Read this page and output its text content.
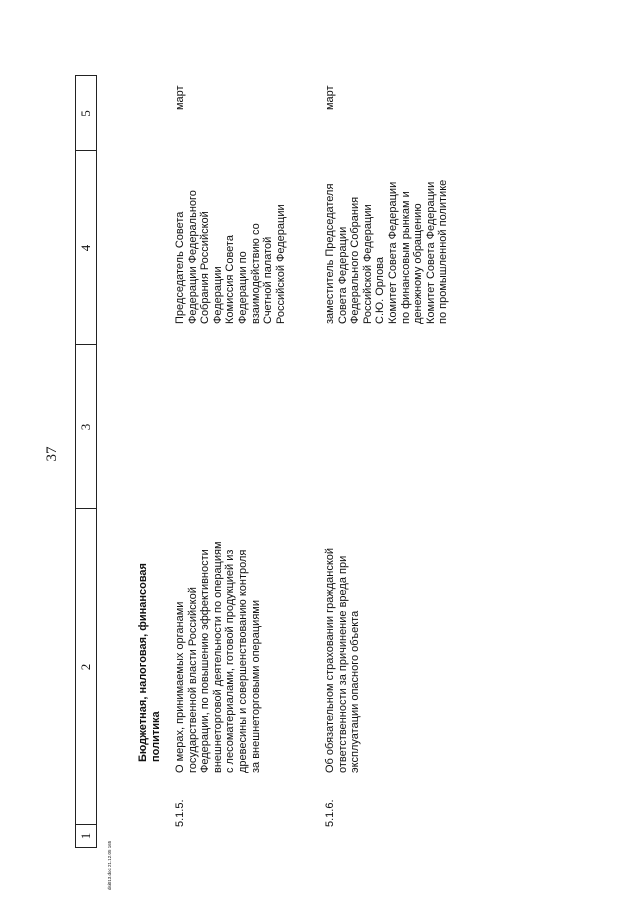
37
1
2
3
4
5
Бюджетная, налоговая, финансовая политика
5.1.5.
О мерах, принимаемых органами государственной власти Российской Федерации, по повышению эффективности внешнеторговой деятельности по операциям с лесоматериалами, готовой продукцией из древесины и совершенствованию контроля за внешнеторговыми операциями
Председатель Совета Федерации Федерального Собрания Российской Федерации Комиссия Совета Федерации по взаимодействию со Счетной палатой Российской Федерации
март
5.1.6.
Об обязательном страховании гражданской ответственности за причинение вреда при эксплуатации опасного объекта
заместитель Председателя Совета Федерации Федерального Собрания Российской Федерации С.Ю. Орлова Комитет Совета Федерации по финансовым рынкам и денежному обращению Комитет Совета Федерации по промышленной политике
март
dsi013.doc 21.12.05 165
